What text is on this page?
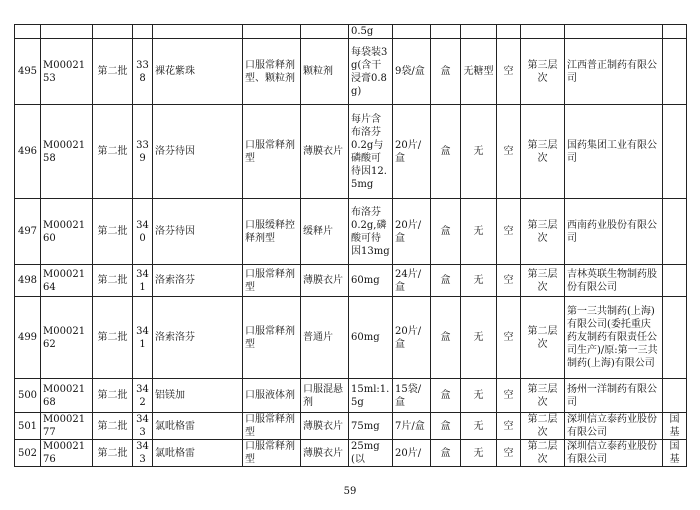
							0.5g							
495	M0002153	第二批	338	裸花紫珠	口服常释剂型、颗粒剂	颗粒剂	每袋装3g(含干浸膏0.8g)	9袋/盒	盒	无糖型	空	第三层次	江西普正制药有限公司	
496	M0002158	第二批	339	洛芬待因	口服常释剂型	薄膜衣片	每片含布洛芬0.2g与磷酸可待因12.5mg	20片/盒	盒	无	空	第三层次	国药集团工业有限公司	
497	M0002160	第二批	340	洛芬待因	口服缓释控释剂型	缓释片	布洛芬0.2g,磷酸可待因13mg	20片/盒	盒	无	空	第三层次	西南药业股份有限公司	
498	M0002164	第二批	341	洛索洛芬	口服常释剂型	薄膜衣片	60mg	24片/盒	盒	无	空	第三层次	吉林英联生物制药股份有限公司	
499	M0002162	第二批	341	洛索洛芬	口服常释剂型	普通片	60mg	20片/盒	盒	无	空	第二层次	第一三共制药(上海)有限公司(委托重庆药友制药有限责任公司生产)/原:第一三共制药(上海)有限公司	
500	M0002168	第二批	342	铝镁加	口服液体剂	口服混悬剂	15ml:1.5g	15袋/盒	盒	无	空	第三层次	扬州一洋制药有限公司	
501	M0002177	第二批	343	氯吡格雷	口服常释剂型	薄膜衣片	75mg	7片/盒	盒	无	空	第二层次	深圳信立泰药业股份有限公司	国基
502	M0002176	第二批	343	氯吡格雷	口服常释剂型	薄膜衣片	25mg(以	20片/	盒	无	空	第二层次	深圳信立泰药业股份有限公司	国基
59
